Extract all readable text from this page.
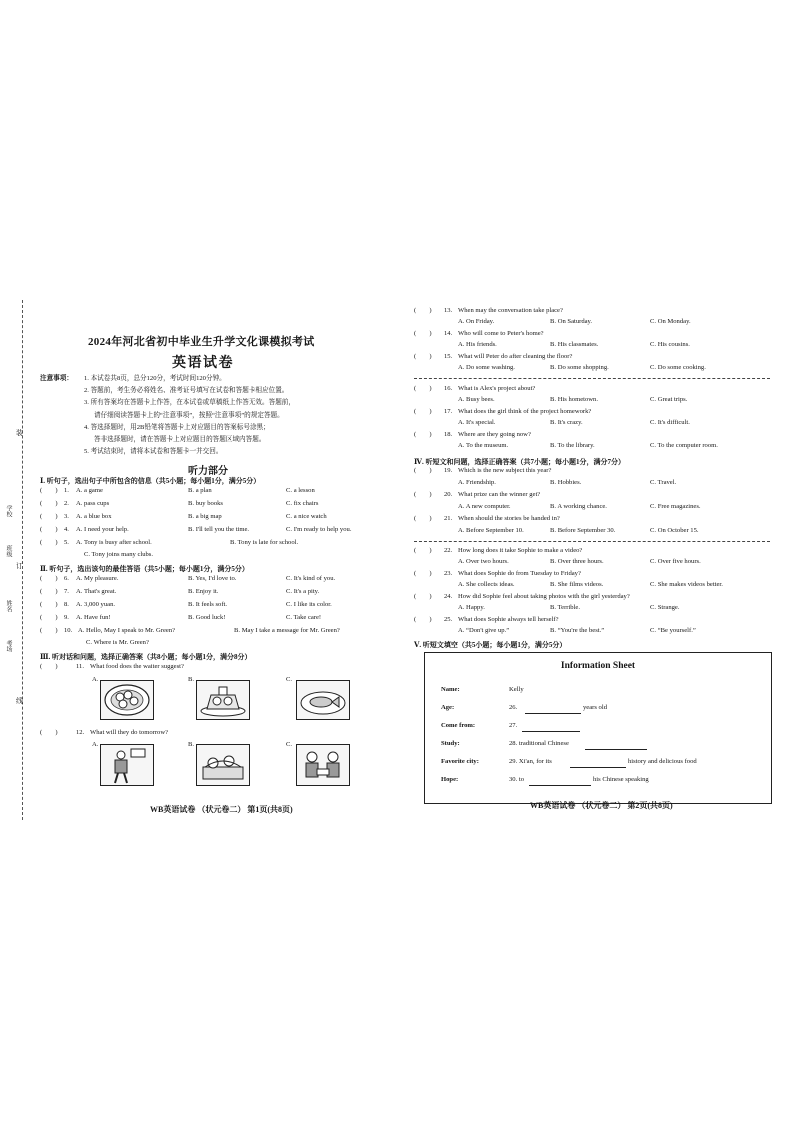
装
订
线
学校
班级
姓名
考场
2024年河北省初中毕业生升学文化课模拟考试
英语试卷
注意事项： 1. 本试卷共8页，总分120分，考试时间120分钟。
2. 答题前，考生务必将姓名、准考证号填写在试卷和答题卡相应位置。
3. 所有答案均在答题卡上作答，在本试卷或草稿纸上作答无效。答题前，
请仔细阅读答题卡上的“注意事项”，按照“注意事项”的规定答题。
4. 答选择题时，用2B铅笔将答题卡上对应题目的答案标号涂黑；
答非选择题时，请在答题卡上对应题目的答题区域内答题。
5. 考试结束时，请将本试卷和答题卡一并交回。
听力部分
Ⅰ. 听句子，选出句子中所包含的信息（共5小题；每小题1分，满分5分）
(　　) 1. A. a game	B. a plan	C. a lesson
(　　) 2. A. pass cups	B. buy books	C. fix chairs
(　　) 3. A. a blue box	B. a big map	C. a nice watch
(　　) 4. A. I need your help.	B. I'll tell you the time.	C. I'm ready to help you.
(　　) 5. A. Tony is busy after school.	B. Tony is late for school.
C. Tony joins many clubs.
Ⅱ. 听句子，选出该句的最佳答语（共5小题；每小题1分，满分5分）
(　　) 6. A. My pleasure.	B. Yes, I'd love to.	C. It's kind of you.
(　　) 7. A. That's great.	B. Enjoy it.	C. It's a pity.
(　　) 8. A. 3,000 yuan.	B. It feels soft.	C. I like its color.
(　　) 9. A. Have fun!	B. Good luck!	C. Take care!
(　　) 10. A. Hello, May I speak to Mr. Green?	B. May I take a message for Mr. Green?
C. Where is Mr. Green?
Ⅲ. 听对话和问题，选择正确答案（共8小题；每小题1分，满分8分）
(　　)	11. What food does the waiter suggest?
A.	B.	C.
(　　)	12. What will they do tomorrow?
A.	B.	C.
WB英语试卷 （状元卷二） 第1页(共8页)
(　　) 13. When may the conversation take place?
A. On Friday.	B. On Saturday.	C. On Monday.
(　　) 14. Who will come to Peter's home?
A. His friends.	B. His classmates.	C. His cousins.
(　　) 15. What will Peter do after cleaning the floor?
A. Do some washing.	B. Do some shopping.	C. Do some cooking.
(　　) 16. What is Alex's project about?
A. Busy bees.	B. His hometown.	C. Great trips.
(　　) 17. What does the girl think of the project homework?
A. It's special.	B. It's crazy.	C. It's difficult.
(　　) 18. Where are they going now?
A. To the museum.	B. To the library.	C. To the computer room.
Ⅳ. 听短文和问题，选择正确答案（共7小题；每小题1分，满分7分）
(　　) 19. Which is the new subject this year?
A. Friendship.	B. Hobbies.	C. Travel.
(　　) 20. What prize can the winner get?
A. A new computer.	B. A working chance.	C. Free magazines.
(　　) 21. When should the stories be handed in?
A. Before September 10.	B. Before September 30.	C. On October 15.
(　　) 22. How long does it take Sophie to make a video?
A. Over two hours.	B. Over three hours.	C. Over five hours.
(　　) 23. What does Sophie do from Tuesday to Friday?
A. She collects ideas.	B. She films videos.	C. She makes videos better.
(　　) 24. How did Sophie feel about taking photos with the girl yesterday?
A. Happy.	B. Terrible.	C. Strange.
(　　) 25. What does Sophie always tell herself?
A. “Don't give up.”	B. “You're the best.”	C. “Be yourself.”
Ⅴ. 听短文填空（共5小题；每小题1分，满分5分）
Information Sheet
Name:	Kelly
Age:	26.	years old
Come from:	27.
Study:	28. traditional Chinese
Favorite city:	29. Xi'an, for its	history and delicious food
Hope:	30. to	his Chinese speaking
WB英语试卷 （状元卷二） 第2页(共8页)
